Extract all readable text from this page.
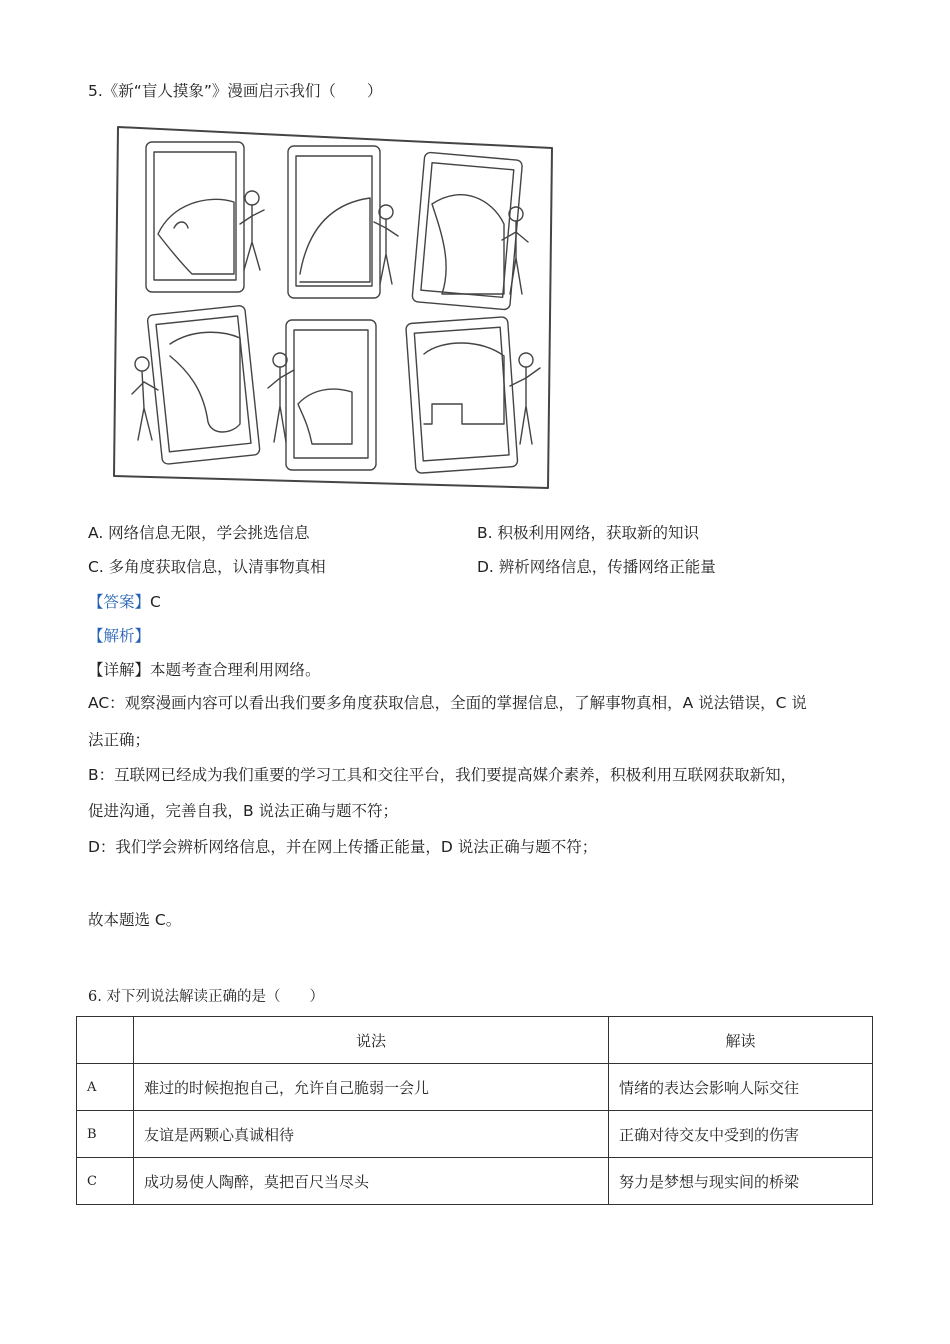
5.《新“盲人摸象”》漫画启示我们（　　）
A. 网络信息无限，学会挑选信息	B. 积极利用网络，获取新的知识
C. 多角度获取信息，认清事物真相	D. 辨析网络信息，传播网络正能量
【答案】C
【解析】
【详解】本题考查合理利用网络。
AC：观察漫画内容可以看出我们要多角度获取信息，全面的掌握信息，了解事物真相，A 说法错误，C 说
法正确；
B：互联网已经成为我们重要的学习工具和交往平台，我们要提高媒介素养，积极利用互联网获取新知，
促进沟通，完善自我，B 说法正确与题不符；
D：我们学会辨析网络信息，并在网上传播正能量，D 说法正确与题不符；
故本题选 C。
6. 对下列说法解读正确的是（　　）
	说法	解读
A	难过的时候抱抱自己，允许自己脆弱一会儿	情绪的表达会影响人际交往
B	友谊是两颗心真诚相待	正确对待交友中受到的伤害
C	成功易使人陶醉，莫把百尺当尽头	努力是梦想与现实间的桥梁
